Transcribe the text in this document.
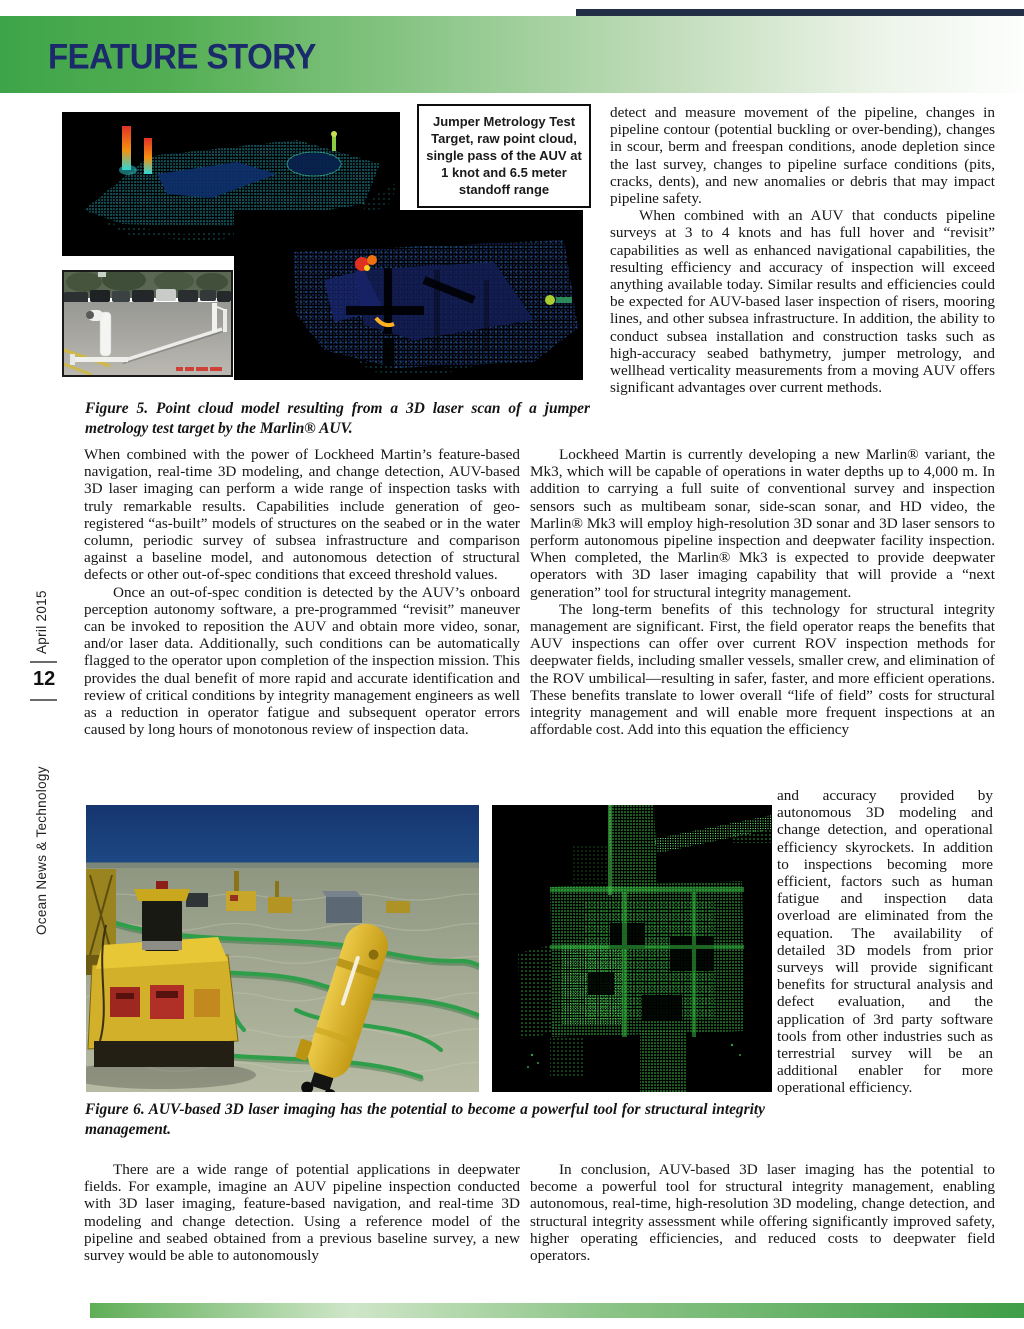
FEATURE STORY
April 2015
12
Ocean News & Technology
Jumper Metrology Test Target, raw point cloud, single pass of the AUV at 1 knot and 6.5 meter standoff range
Figure 5. Point cloud model resulting from a 3D laser scan of a jumper metrology test target by the Marlin® AUV.

When combined with the power of Lockheed Martin’s feature-based navigation, real-time 3D modeling, and change detection, AUV-based 3D laser imaging can perform a wide range of inspection tasks with truly remarkable results. Capabilities include generation of geo-registered “as-built” models of structures on the seabed or in the water column, periodic survey of subsea infrastructure and comparison against a baseline model, and autonomous detection of structural defects or other out-of-spec conditions that exceed threshold values.

Once an out-of-spec condition is detected by the AUV’s onboard perception autonomy software, a pre-programmed “revisit” maneuver can be invoked to reposition the AUV and obtain more video, sonar, and/or laser data. Additionally, such conditions can be automatically flagged to the operator upon completion of the inspection mission. This provides the dual benefit of more rapid and accurate identification and review of critical conditions by integrity management engineers as well as a reduction in operator fatigue and subsequent operator errors caused by long hours of monotonous review of inspection data.

detect and measure movement of the pipeline, changes in pipeline contour (potential buckling or over-bending), changes in scour, berm and freespan conditions, anode depletion since the last survey, changes to pipeline surface conditions (pits, cracks, dents), and new anomalies or debris that may impact pipeline safety.

When combined with an AUV that conducts pipeline surveys at 3 to 4 knots and has full hover and “revisit” capabilities as well as enhanced navigational capabilities, the resulting efficiency and accuracy of inspection will exceed anything available today. Similar results and efficiencies could be expected for AUV-based laser inspection of risers, mooring lines, and other subsea infrastructure. In addition, the ability to conduct subsea installation and construction tasks such as high-accuracy seabed bathymetry, jumper metrology, and wellhead verticality measurements from a moving AUV offers significant advantages over current methods.

Lockheed Martin is currently developing a new Marlin® variant, the Mk3, which will be capable of operations in water depths up to 4,000 m. In addition to carrying a full suite of conventional survey and inspection sensors such as multibeam sonar, side-scan sonar, and HD video, the Marlin® Mk3 will employ high-resolution 3D sonar and 3D laser sensors to perform autonomous pipeline inspection and deepwater facility inspection. When completed, the Marlin® Mk3 is expected to provide deepwater operators with 3D laser imaging capability that will provide a “next generation” tool for structural integrity management.

The long-term benefits of this technology for structural integrity management are significant. First, the field operator reaps the benefits that AUV inspections can offer over current ROV inspection methods for deepwater fields, including smaller vessels, smaller crew, and elimination of the ROV umbilical—resulting in safer, faster, and more efficient operations. These benefits translate to lower overall “life of field” costs for structural integrity management and will enable more frequent inspections at an affordable cost. Add into this equation the efficiency

and accuracy provided by autonomous 3D modeling and change detection, and operational efficiency skyrockets. In addition to inspections becoming more efficient, factors such as human fatigue and inspection data overload are eliminated from the equation. The availability of detailed 3D models from prior surveys will provide significant benefits for structural analysis and defect evaluation, and the application of 3rd party software tools from other industries such as terrestrial survey will be an additional enabler for more operational efficiency.

Figure 6. AUV-based 3D laser imaging has the potential to become a powerful tool for structural integrity management.

There are a wide range of potential applications in deepwater fields. For example, imagine an AUV pipeline inspection conducted with 3D laser imaging, feature-based navigation, and real-time 3D modeling and change detection. Using a reference model of the pipeline and seabed obtained from a previous baseline survey, a new survey would be able to autonomously

In conclusion, AUV-based 3D laser imaging has the potential to become a powerful tool for structural integrity management, enabling autonomous, real-time, high-resolution 3D modeling, change detection, and structural integrity assessment while offering significantly improved safety, higher operating efficiencies, and reduced costs to deepwater field operators.
